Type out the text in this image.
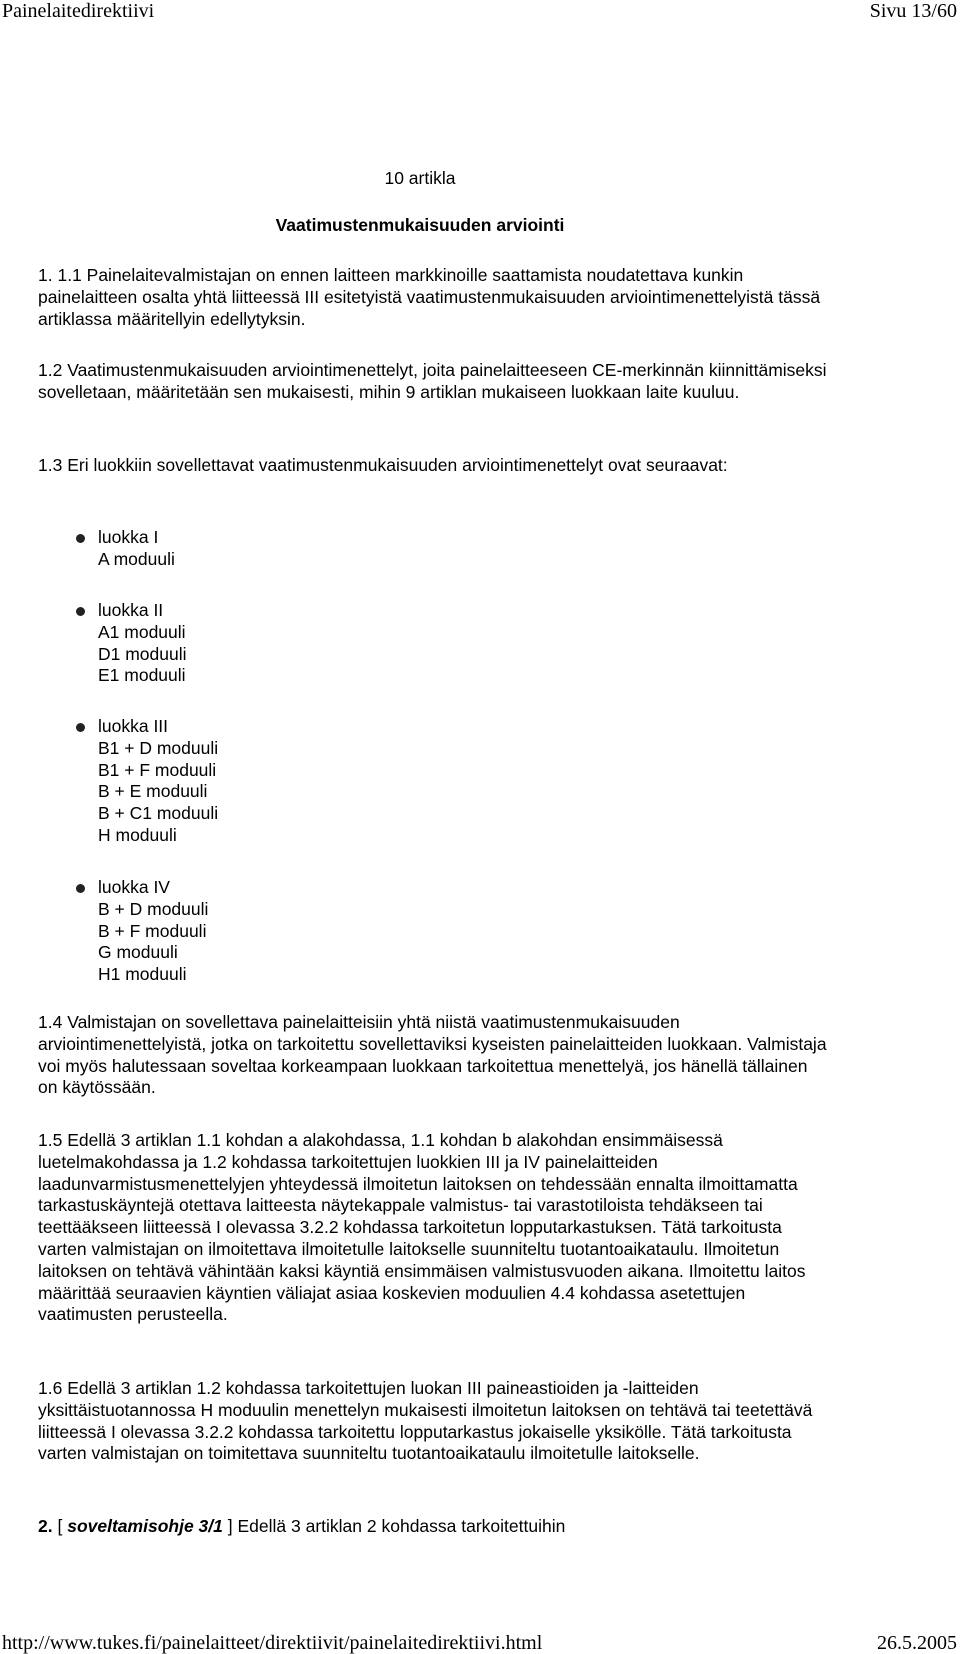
Painelaitedirektiivi	Sivu 13/60
10 artikla
Vaatimustenmukaisuuden arviointi
1. 1.1 Painelaitevalmistajan on ennen laitteen markkinoille saattamista noudatettava kunkin painelaitteen osalta yhtä liitteessä III esitetyistä vaatimustenmukaisuuden arviointimenettelyistä tässä artiklassa määritellyin edellytyksin.
1.2 Vaatimustenmukaisuuden arviointimenettelyt, joita painelaitteeseen CE-merkinnän kiinnittämiseksi sovelletaan, määritetään sen mukaisesti, mihin 9 artiklan mukaiseen luokkaan laite kuuluu.
1.3 Eri luokkiin sovellettavat vaatimustenmukaisuuden arviointimenettelyt ovat seuraavat:
luokka I
A moduuli
luokka II
A1 moduuli
D1 moduuli
E1 moduuli
luokka III
B1 + D moduuli
B1 + F moduuli
B + E moduuli
B + C1 moduuli
H moduuli
luokka IV
B + D moduuli
B + F moduuli
G moduuli
H1 moduuli
1.4 Valmistajan on sovellettava painelaitteisiin yhtä niistä vaatimustenmukaisuuden arviointimenettelyistä, jotka on tarkoitettu sovellettaviksi kyseisten painelaitteiden luokkaan. Valmistaja voi myös halutessaan soveltaa korkeampaan luokkaan tarkoitettua menettelyä, jos hänellä tällainen on käytössään.
1.5 Edellä 3 artiklan 1.1 kohdan a alakohdassa, 1.1 kohdan b alakohdan ensimmäisessä luetelmakohdassa ja 1.2 kohdassa tarkoitettujen luokkien III ja IV painelaitteiden laadunvarmistusmenettelyjen yhteydessä ilmoitetun laitoksen on tehdessään ennalta ilmoittamatta tarkastuskäyntejä otettava laitteesta näytekappale valmistus- tai varastotiloista tehdäkseen tai teettääkseen liitteessä I olevassa 3.2.2 kohdassa tarkoitetun lopputarkastuksen. Tätä tarkoitusta varten valmistajan on ilmoitettava ilmoitetulle laitokselle suunniteltu tuotantoaikataulu. Ilmoitetun laitoksen on tehtävä vähintään kaksi käyntiä ensimmäisen valmistusvuoden aikana. Ilmoitettu laitos määrittää seuraavien käyntien väliajat asiaa koskevien moduulien 4.4 kohdassa asetettujen vaatimusten perusteella.
1.6 Edellä 3 artiklan 1.2 kohdassa tarkoitettujen luokan III paineastioiden ja -laitteiden yksittäistuotannossa H moduulin menettelyn mukaisesti ilmoitetun laitoksen on tehtävä tai teetettävä liitteessä I olevassa 3.2.2 kohdassa tarkoitettu lopputarkastus jokaiselle yksikölle. Tätä tarkoitusta varten valmistajan on toimitettava suunniteltu tuotantoaikataulu ilmoitetulle laitokselle.
2. [ soveltamisohje 3/1 ] Edellä 3 artiklan 2 kohdassa tarkoitettuihin
http://www.tukes.fi/painelaitteet/direktiivit/painelaitedirektiivi.html	26.5.2005
